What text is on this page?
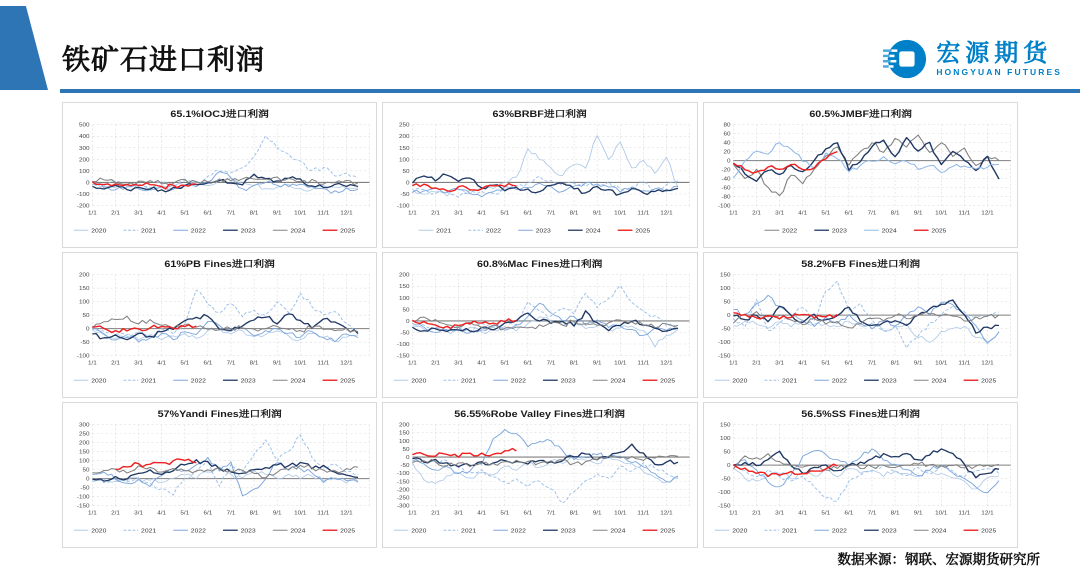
铁矿石进口利润	宏源期货
HONGYUAN FUTURES
65.1%IOCJ进口利润
500
400
300
200
100
0
-100
-200
1/1	2/1	3/1	4/1	5/1	6/1	7/1	8/1	9/1 10/1 11/1 12/1
2020	2021	2022	2023	2024	2025
63%BRBF进口利润
250
200
150
100
50
0
-50
-100
1/1	2/1	3/1	4/1	5/1	6/1	7/1	8/1	9/1 10/1 11/1 12/1
2021	2022	2023	2024	2025
60.5%JMBF进口利润
80
60
40
20
0
-20
-40
-60
-80
-100
1/1	2/1	3/1	4/1	5/1	6/1	7/1	8/1	9/1 10/1 11/1 12/1
2022	2023	2024	2025
61%PB Fines进口利润
200
150
100
50
0
-50
-100
1/1	2/1	3/1	4/1	5/1	6/1	7/1	8/1	9/1 10/1 11/1 12/1
2020	2021	2022	2023	2024	2025
60.8%Mac Fines进口利润
200
150
100
50
0
-50
-100
-150
1/1	2/1	3/1	4/1	5/1	6/1	7/1	8/1	9/1 10/1 11/1 12/1
2020	2021	2022	2023	2024	2025
58.2%FB Fines进口利润
150
100
50
0
-50
-100
-150
1/1	2/1	3/1	4/1	5/1	6/1	7/1	8/1	9/1 10/1 11/1 12/1
2020	2021	2022	2023	2024	2025
57%Yandi Fines进口利润
300
250
200
150
100
50
0
-50
-100
-150
1/1	2/1	3/1	4/1	5/1	6/1	7/1	8/1	9/1 10/1 11/1 12/1
2020	2021	2022	2023	2024	2025
56.55%Robe Valley Fines进口利润
200
150
100
50
0
-50
-100
-150
-200
-250
-300
1/1	2/1	3/1	4/1	5/1	6/1	7/1	8/1	9/1 10/1 11/1 12/1
2020	2021	2022	2023	2024	2025
56.5%SS Fines进口利润
150
100
50
0
-50
-100
-150
1/1	2/1	3/1	4/1	5/1	6/1	7/1	8/1	9/1 10/1 11/1 12/1
2020	2021	2022	2023	2024	2025
数据来源：钢联、宏源期货研究所
